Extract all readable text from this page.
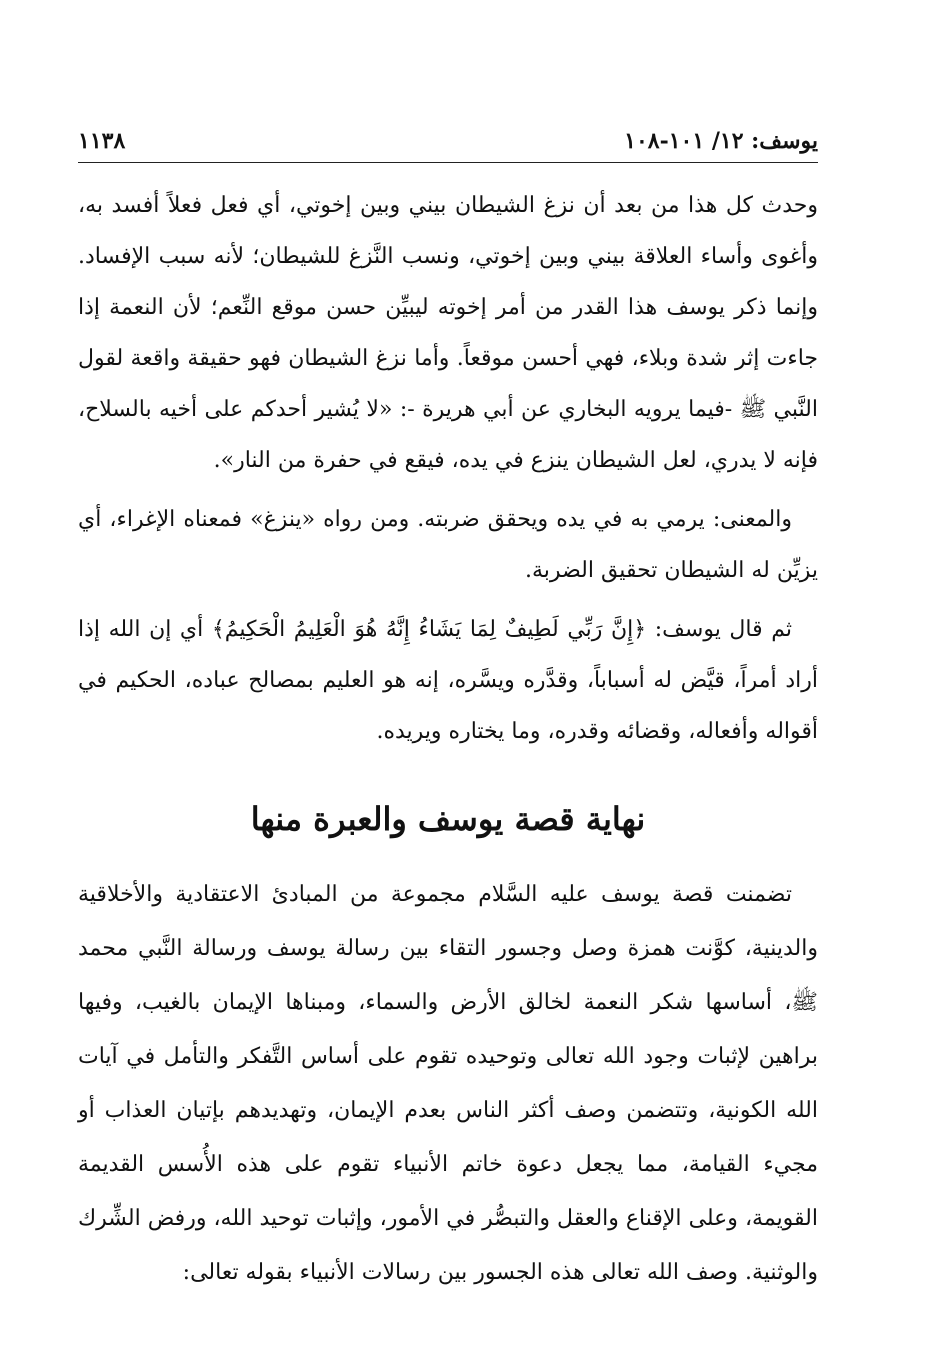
يوسف: ١٢/ ١٠١-١٠٨
١١٣٨

وحدث كل هذا من بعد أن نزغ الشيطان بيني وبين إخوتي، أي فعل فعلاً أفسد به، وأغوى وأساء العلاقة بيني وبين إخوتي، ونسب النَّزغ للشيطان؛ لأنه سبب الإفساد. وإنما ذكر يوسف هذا القدر من أمر إخوته ليبيِّن حسن موقع النِّعم؛ لأن النعمة إذا جاءت إثر شدة وبلاء، فهي أحسن موقعاً. وأما نزغ الشيطان فهو حقيقة واقعة لقول النَّبي ﷺ -فيما يرويه البخاري عن أبي هريرة -: «لا يُشير أحدكم على أخيه بالسلاح، فإنه لا يدري، لعل الشيطان ينزع في يده، فيقع في حفرة من النار».

والمعنى: يرمي به في يده ويحقق ضربته. ومن رواه «ينزغ» فمعناه الإغراء، أي يزيِّن له الشيطان تحقيق الضربة.

ثم قال يوسف: ﴿إِنَّ رَبِّي لَطِيفٌ لِمَا يَشَاءُ إِنَّهُ هُوَ الْعَلِيمُ الْحَكِيمُ﴾ أي إن الله إذا أراد أمراً، قيَّض له أسباباً، وقدَّره ويسَّره، إنه هو العليم بمصالح عباده، الحكيم في أقواله وأفعاله، وقضائه وقدره، وما يختاره ويريده.

نهاية قصة يوسف والعبرة منها

تضمنت قصة يوسف عليه السَّلام مجموعة من المبادئ الاعتقادية والأخلاقية والدينية، كوَّنت همزة وصل وجسور التقاء بين رسالة يوسف ورسالة النَّبي محمد ﷺ، أساسها شكر النعمة لخالق الأرض والسماء، ومبناها الإيمان بالغيب، وفيها براهين لإثبات وجود الله تعالى وتوحيده تقوم على أساس التَّفكر والتأمل في آيات الله الكونية، وتتضمن وصف أكثر الناس بعدم الإيمان، وتهديدهم بإتيان العذاب أو مجيء القيامة، مما يجعل دعوة خاتم الأنبياء تقوم على هذه الأُسس القديمة القويمة، وعلى الإقناع والعقل والتبصُّر في الأمور، وإثبات توحيد الله، ورفض الشِّرك والوثنية. وصف الله تعالى هذه الجسور بين رسالات الأنبياء بقوله تعالى:
